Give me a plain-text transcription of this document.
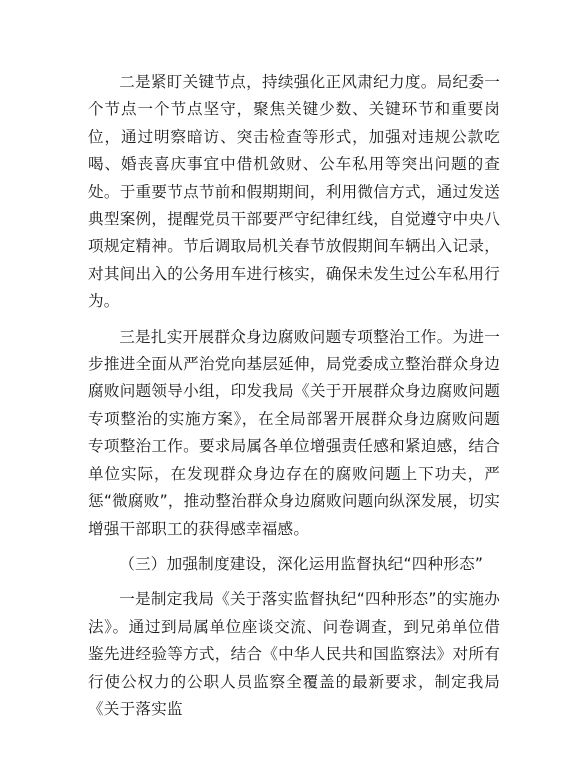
二是紧盯关键节点，持续强化正风肃纪力度。局纪委一个节点一个节点坚守，聚焦关键少数、关键环节和重要岗位，通过明察暗访、突击检查等形式，加强对违规公款吃喝、婚丧喜庆事宜中借机敛财、公车私用等突出问题的查处。于重要节点节前和假期期间，利用微信方式，通过发送典型案例，提醒党员干部要严守纪律红线，自觉遵守中央八项规定精神。节后调取局机关春节放假期间车辆出入记录，对其间出入的公务用车进行核实，确保未发生过公车私用行为。

三是扎实开展群众身边腐败问题专项整治工作。为进一步推进全面从严治党向基层延伸，局党委成立整治群众身边腐败问题领导小组，印发我局《关于开展群众身边腐败问题专项整治的实施方案》，在全局部署开展群众身边腐败问题专项整治工作。要求局属各单位增强责任感和紧迫感，结合单位实际，在发现群众身边存在的腐败问题上下功夫，严惩“微腐败”，推动整治群众身边腐败问题向纵深发展，切实增强干部职工的获得感幸福感。

（三）加强制度建设，深化运用监督执纪“四种形态”

一是制定我局《关于落实监督执纪“四种形态”的实施办法》。通过到局属单位座谈交流、问卷调查，到兄弟单位借鉴先进经验等方式，结合《中华人民共和国监察法》对所有行使公权力的公职人员监察全覆盖的最新要求，制定我局《关于落实监
